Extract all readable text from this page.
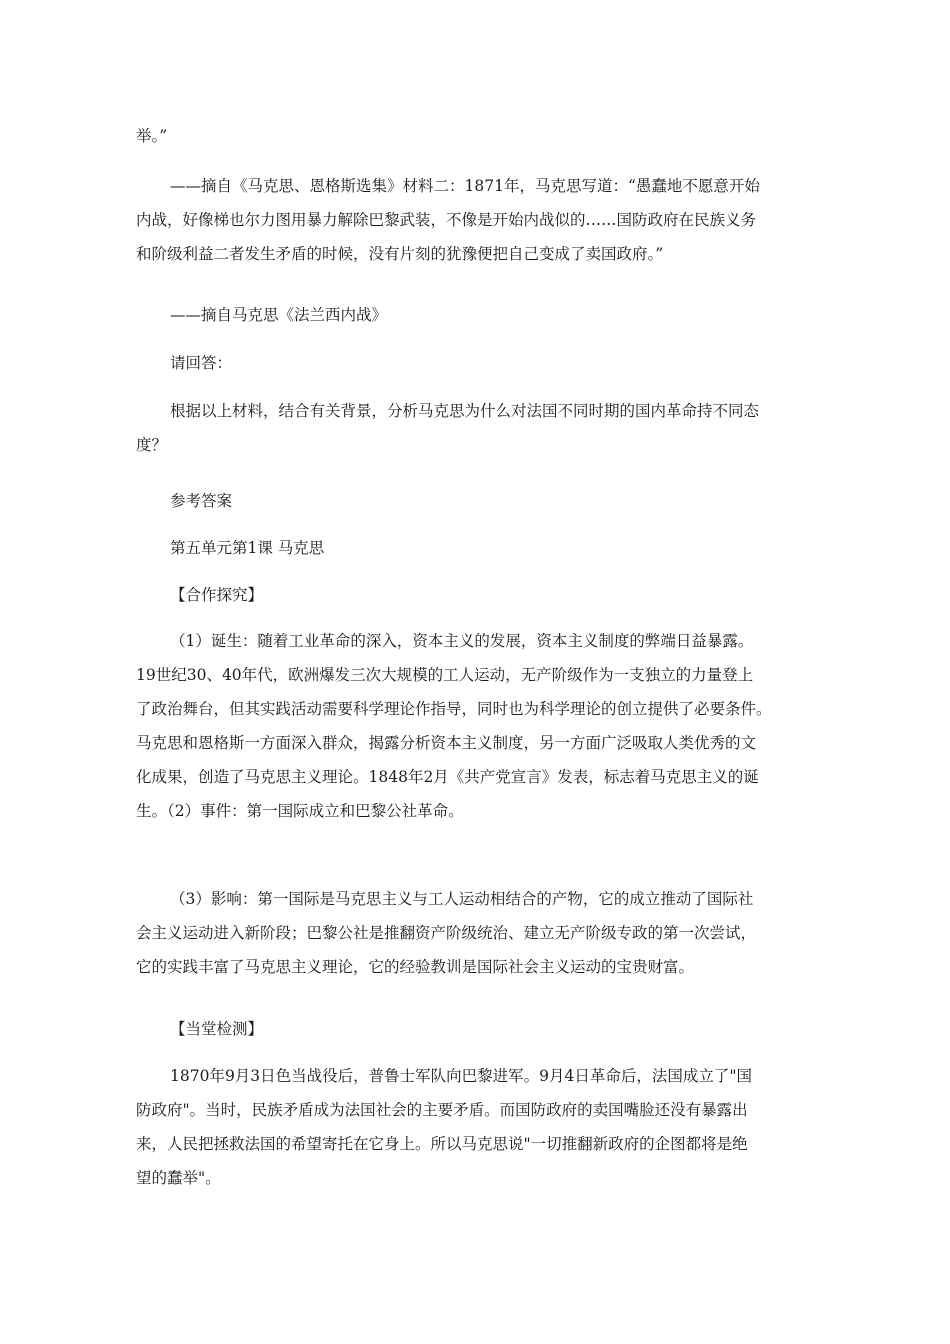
举。”
——摘自《马克思、恩格斯选集》材料二：1871年，马克思写道：“愚蠢地不愿意开始
内战，好像梯也尔力图用暴力解除巴黎武装，不像是开始内战似的……国防政府在民族义务
和阶级利益二者发生矛盾的时候，没有片刻的犹豫便把自己变成了卖国政府。”
——摘自马克思《法兰西内战》
请回答：
根据以上材料，结合有关背景，分析马克思为什么对法国不同时期的国内革命持不同态
度？
参考答案
第五单元第1课 马克思
【合作探究】
（1）诞生：随着工业革命的深入，资本主义的发展，资本主义制度的弊端日益暴露。
19世纪30、40年代，欧洲爆发三次大规模的工人运动，无产阶级作为一支独立的力量登上
了政治舞台，但其实践活动需要科学理论作指导，同时也为科学理论的创立提供了必要条件。
马克思和恩格斯一方面深入群众，揭露分析资本主义制度，另一方面广泛吸取人类优秀的文
化成果，创造了马克思主义理论。1848年2月《共产党宣言》发表，标志着马克思主义的诞
生。（2）事件：第一国际成立和巴黎公社革命。
（3）影响：第一国际是马克思主义与工人运动相结合的产物，它的成立推动了国际社
会主义运动进入新阶段；巴黎公社是推翻资产阶级统治、建立无产阶级专政的第一次尝试，
它的实践丰富了马克思主义理论，它的经验教训是国际社会主义运动的宝贵财富。
【当堂检测】
1870年9月3日色当战役后，普鲁士军队向巴黎进军。9月4日革命后，法国成立了"国
防政府"。当时，民族矛盾成为法国社会的主要矛盾。而国防政府的卖国嘴脸还没有暴露出
来，人民把拯救法国的希望寄托在它身上。所以马克思说"一切推翻新政府的企图都将是绝
望的蠢举"。
